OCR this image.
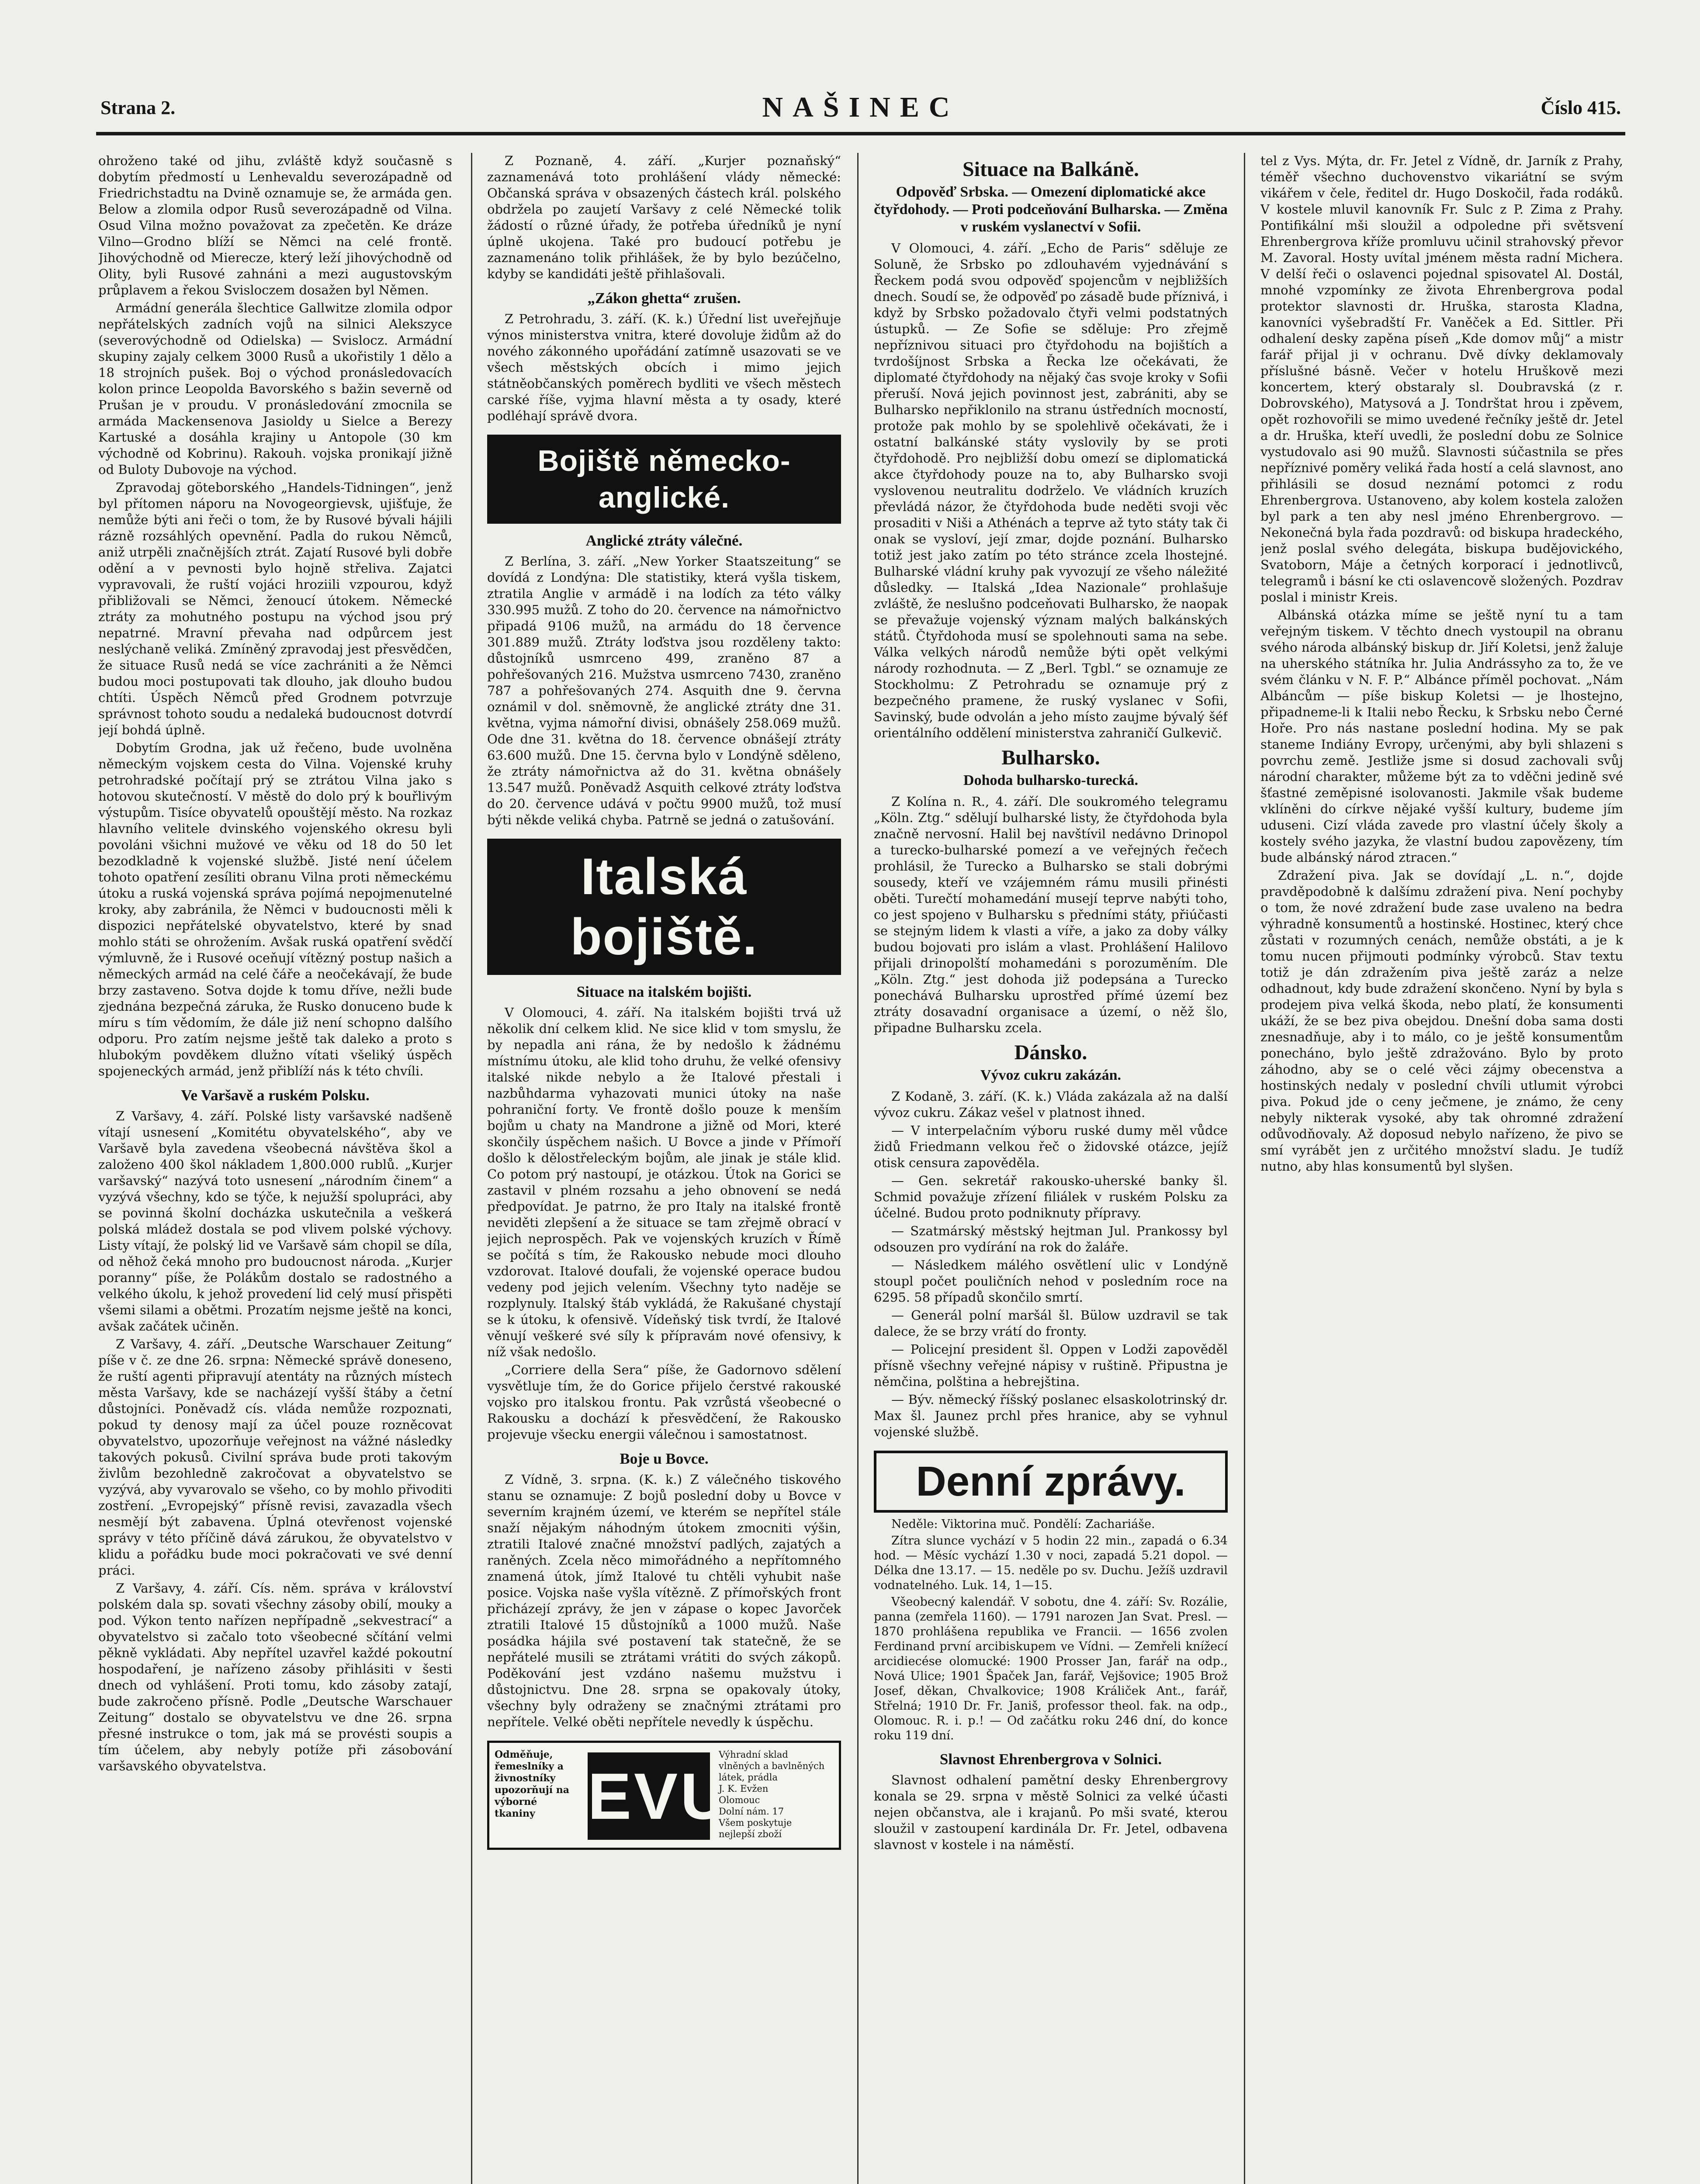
Strana 2.	NAŠINEC	Číslo 415.

ohroženo také od jihu, zvláště když současně s dobytím předmostí u Lenhevaldu severozápadně od Friedrichstadtu na Dvině oznamuje se, že armáda gen. Below a zlomila odpor Rusů severozápadně od Vilna. Osud Vilna možno považovat za zpečetěn. Ke dráze Vilno—Grodno blíží se Němci na celé frontě. Jihovýchodně od Mierecze, který leží jihovýchodně od Olity, byli Rusové zahnáni a mezi augustovským průplavem a řekou Svisloczem dosažen byl Němen.

Armádní generála šlechtice Gallwitze zlomila odpor nepřátelských zadních vojů na silnici Alekszyce (severovýchodně od Odielska) — Svislocz. Armádní skupiny zajaly celkem 3000 Rusů a ukořistily 1 dělo a 18 strojních pušek. Boj o východ pronásledovacích kolon prince Leopolda Bavorského s bažin severně od Prušan je v proudu. V pronásledování zmocnila se armáda Mackensenova Jasioldy u Sielce a Berezy Kartuské a dosáhla krajiny u Antopole (30 km východně od Kobrinu). Rakouh. vojska pronikají jižně od Buloty Dubovoje na východ.

Zpravodaj göteborského „Handels-Tidningen“, jenž byl přítomen náporu na Novogeorgievsk, ujišťuje, že nemůže býti ani řeči o tom, že by Rusové bývali hájili rázně rozsáhlých opevnění. Padla do rukou Němců, aniž utrpěli značnějších ztrát. Zajatí Rusové byli dobře odění a v pevnosti bylo hojně střeliva. Zajatci vypravovali, že ruští vojáci hroziili vzpourou, když přibližovali se Němci, ženoucí útokem. Německé ztráty za mohutného postupu na východ jsou prý nepatrné. Mravní převaha nad odpůrcem jest neslýchaně veliká. Zmíněný zpravodaj jest přesvědčen, že situace Rusů nedá se více zachrániti a že Němci budou moci postupovati tak dlouho, jak dlouho budou chtíti. Úspěch Němců před Grodnem potvrzuje správnost tohoto soudu a nedaleká budoucnost dotvrdí její bohdá úplně.

Dobytím Grodna, jak už řečeno, bude uvolněna německým vojskem cesta do Vilna. Vojenské kruhy petrohradské počítají prý se ztrátou Vilna jako s hotovou skutečností. V městě do dolo prý k bouřlivým výstupům. Tisíce obyvatelů opouštějí město. Na rozkaz hlavního velitele dvinského vojenského okresu byli povoláni všichni mužové ve věku od 18 do 50 let bezodkladně k vojenské službě. Jisté není účelem tohoto opatření zesíliti obranu Vilna proti německému útoku a ruská vojenská správa pojímá nepojmenutelné kroky, aby zabránila, že Němci v budoucnosti měli k dispozici nepřátelské obyvatelstvo, které by snad mohlo státi se ohrožením. Avšak ruská opatření svědčí výmluvně, že i Rusové oceňují vítězný postup našich a německých armád na celé čáře a neočekávají, že bude brzy zastaveno. Sotva dojde k tomu dříve, nežli bude zjednána bezpečná záruka, že Rusko donuceno bude k míru s tím vědomím, že dále již není schopno dalšího odporu. Pro zatím nejsme ještě tak daleko a proto s hlubokým povděkem dlužno vítati všeliký úspěch spojeneckých armád, jenž přiblíží nás k této chvíli.

Ve Varšavě a ruském Polsku.

Z Varšavy, 4. září. Polské listy varšavské nadšeně vítají usnesení „Komitétu obyvatelského“, aby ve Varšavě byla zavedena všeobecná návštěva škol a založeno 400 škol nákladem 1,800.000 rublů. „Kurjer varšavský“ nazývá toto usnesení „národním činem“ a vyzývá všechny, kdo se týče, k nejužší spolupráci, aby se povinná školní docházka uskutečnila a veškerá polská mládež dostala se pod vlivem polské výchovy. Listy vítají, že polský lid ve Varšavě sám chopil se díla, od něhož čeká mnoho pro budoucnost národa. „Kurjer poranny“ píše, že Polákům dostalo se radostného a velkého úkolu, k jehož provedení lid celý musí přispěti všemi silami a obětmi. Prozatím nejsme ještě na konci, avšak začátek učiněn.

Z Varšavy, 4. září. „Deutsche Warschauer Zeitung“ píše v č. ze dne 26. srpna: Německé správě doneseno, že ruští agenti připravují atentáty na různých místech města Varšavy, kde se nacházejí vyšší štáby a četní důstojníci. Poněvadž cís. vláda nemůže rozpoznati, pokud ty denosy mají za účel pouze rozněcovat obyvatelstvo, upozorňuje veřejnost na vážné následky takových pokusů. Civilní správa bude proti takovým živlům bezohledně zakročovat a obyvatelstvo se vyzývá, aby vyvarovalo se všeho, co by mohlo přivoditi zostření. „Evropejský“ přísně revisi, zavazadla všech nesmějí být zabavena. Úplná otevřenost vojenské správy v této příčině dává zárukou, že obyvatelstvo v klidu a pořádku bude moci pokračovati ve své denní práci.

Z Varšavy, 4. září. Cís. něm. správa v království polském dala sp. sovati všechny zásoby obilí, mouky a pod. Výkon tento nařízen nepřípadně „sekvestrací“ a obyvatelstvo si začalo toto všeobecné sčítání velmi pěkně vykládati. Aby nepřítel uzavřel každé pokoutní hospodaření, je nařízeno zásoby přihlásiti v šesti dnech od vyhlášení. Proti tomu, kdo zásoby zatají, bude zakročeno přísně. Podle „Deutsche Warschauer Zeitung“ dostalo se obyvatelstvu ve dne 26. srpna přesné instrukce o tom, jak má se provésti soupis a tím účelem, aby nebyly potíže při zásobování varšavského obyvatelstva.

Z Poznaně, 4. září. „Kurjer poznaňský“ zaznamenává toto prohlášení vlády německé: Občanská správa v obsazených částech král. polského obdržela po zaujetí Varšavy z celé Německé tolik žádostí o různé úřady, že potřeba úředníků je nyní úplně ukojena. Také pro budoucí potřebu je zaznamenáno tolik přihlášek, že by bylo bezúčelno, kdyby se kandidáti ještě přihlašovali.

„Zákon ghetta“ zrušen.

Z Petrohradu, 3. září. (K. k.) Úřední list uveřejňuje výnos ministerstva vnitra, které dovoluje židům až do nového zákonného upořádání zatímně usazovati se ve všech městských obcích i mimo jejich státněobčanských poměrech bydliti ve všech městech carské říše, vyjma hlavní města a ty osady, které podléhají správě dvora.

Bojiště německo-anglické.
Anglické ztráty válečné.

Z Berlína, 3. září. „New Yorker Staatszeitung“ se dovídá z Londýna: Dle statistiky, která vyšla tiskem, ztratila Anglie v armádě i na lodích za této války 330.995 mužů. Z toho do 20. července na námořnictvo připadá 9106 mužů, na armádu do 18 července 301.889 mužů. Ztráty loďstva jsou rozděleny takto: důstojníků usmrceno 499, zraněno 87 a pohřešovaných 216. Mužstva usmrceno 7430, zraněno 787 a pohřešovaných 274. Asquith dne 9. června oznámil v dol. sněmovně, že anglické ztráty dne 31. května, vyjma námořní divisi, obnášely 258.069 mužů. Ode dne 31. května do 18. července obnášejí ztráty 63.600 mužů. Dne 15. června bylo v Londýně sděleno, že ztráty námořnictva až do 31. května obnášely 13.547 mužů. Poněvadž Asquith celkové ztráty loďstva do 20. července udává v počtu 9900 mužů, tož musí býti někde veliká chyba. Patrně se jedná o zatušování.

Italská bojiště.
Situace na italském bojišti.

V Olomouci, 4. září. Na italském bojišti trvá už několik dní celkem klid. Ne sice klid v tom smyslu, že by nepadla ani rána, že by nedošlo k žádnému místnímu útoku, ale klid toho druhu, že velké ofensivy italské nikde nebylo a že Italové přestali i nazbůhdarma vyhazovati munici útoky na naše pohraniční forty. Ve frontě došlo pouze k menším bojům u chaty na Mandrone a jižně od Mori, které skončily úspěchem našich. U Bovce a jinde v Přímoří došlo k dělostřeleckým bojům, ale jinak je stále klid. Co potom prý nastoupí, je otázkou. Útok na Gorici se zastavil v plném rozsahu a jeho obnovení se nedá předpovídat. Je patrno, že pro Italy na italské frontě neviděti zlepšení a že situace se tam zřejmě obrací v jejich neprospěch. Pak ve vojenských kruzích v Římě se počítá s tím, že Rakousko nebude moci dlouho vzdorovat. Italové doufali, že vojenské operace budou vedeny pod jejich velením. Všechny tyto naděje se rozplynuly. Italský štáb vykládá, že Rakušané chystají se k útoku, k ofensivě. Vídeňský tisk tvrdí, že Italové věnují veškeré své síly k přípravám nové ofensivy, k níž však nedošlo.

„Corriere della Sera“ píše, že Gadornovo sdělení vysvětluje tím, že do Gorice přijelo čerstvé rakouské vojsko pro italskou frontu. Pak vzrůstá všeobecné o Rakousku a dochází k přesvědčení, že Rakousko projevuje všecku energii válečnou i samostatnost.

Boje u Bovce.

Z Vídně, 3. srpna. (K. k.) Z válečného tiskového stanu se oznamuje: Z bojů poslední doby u Bovce v severním krajném území, ve kterém se nepřítel stále snaží nějakým náhodným útokem zmocniti výšin, ztratili Italové značné množství padlých, zajatých a raněných. Zcela něco mimořádného a nepřítomného znamená útok, jímž Italové tu chtěli vyhubit naše posice. Vojska naše vyšla vítězně. Z přímořských front přicházejí zprávy, že jen v zápase o kopec Javorček ztratili Italové 15 důstojníků a 1000 mužů. Naše posádka hájila své postavení tak statečně, že se nepřátelé musili se ztrátami vrátiti do svých zákopů. Poděkování jest vzdáno našemu mužstvu i důstojnictvu. Dne 28. srpna se opakovaly útoky, všechny byly odraženy se značnými ztrátami pro nepřítele. Velké oběti nepřítele nevedly k úspěchu.

Odměňuje, řemeslníky a živnostníky upozorňují na výborné tkaniny EVU
Výhradní sklad
vlněných a bavlněných
látek, prádla
J. K. Evžen
Olomouc
Dolní nám. 17
Všem poskytuje
nejlepší zboží
Situace na Balkáně.
Odpověď Srbska. — Omezení diplomatické akce čtyřdohody. — Proti podceňování Bulharska. — Změna v ruském vyslanectví v Sofii.

V Olomouci, 4. září. „Echo de Paris“ sděluje ze Soluně, že Srbsko po zdlouhavém vyjednávání s Řeckem podá svou odpověď spojencům v nejbližších dnech. Soudí se, že odpověď po zásadě bude příznivá, i když by Srbsko požadovalo čtyři velmi podstatných ústupků. — Ze Sofie se sděluje: Pro zřejmě nepříznivou situaci pro čtyřdohodu na bojištích a tvrdošíjnost Srbska a Řecka lze očekávati, že diplomaté čtyřdohody na nějaký čas svoje kroky v Sofii přeruší. Nová jejich povinnost jest, zabrániti, aby se Bulharsko nepřiklonilo na stranu ústředních mocností, protože pak mohlo by se spolehlivě očekávati, že i ostatní balkánské státy vyslovily by se proti čtyřdohodě. Pro nejbližší dobu omezí se diplomatická akce čtyřdohody pouze na to, aby Bulharsko svoji vyslovenou neutralitu dodrželo. Ve vládních kruzích převládá názor, že čtyřdohoda bude neděti svoji věc prosaditi v Niši a Athénách a teprve až tyto státy tak či onak se vysloví, její zmar, dojde poznání. Bulharsko totiž jest jako zatím po této stránce zcela lhostejné. Bulharské vládní kruhy pak vyvozují ze všeho náležité důsledky. — Italská „Idea Nazionale“ prohlašuje zvláště, že neslušno podceňovati Bulharsko, že naopak se převažuje vojenský význam malých balkánských států. Čtyřdohoda musí se spolehnouti sama na sebe. Válka velkých národů nemůže býti opět velkými národy rozhodnuta. — Z „Berl. Tgbl.“ se oznamuje ze Stockholmu: Z Petrohradu se oznamuje prý z bezpečného pramene, že ruský vyslanec v Sofii, Savinský, bude odvolán a jeho místo zaujme bývalý šéf orientálního oddělení ministerstva zahraničí Gulkevič.

Bulharsko.
Dohoda bulharsko-turecká.

Z Kolína n. R., 4. září. Dle soukromého telegramu „Köln. Ztg.“ sdělují bulharské listy, že čtyřdohoda byla značně nervosní. Halil bej navštívil nedávno Drinopol a turecko-bulharské pomezí a ve veřejných řečech prohlásil, že Turecko a Bulharsko se stali dobrými sousedy, kteří ve vzájemném rámu musili přinésti oběti. Turečtí mohamedání musejí teprve nabýti toho, co jest spojeno v Bulharsku s předními státy, přiúčasti se stejným lidem k vlasti a víře, a jako za doby války budou bojovati pro islám a vlast. Prohlášení Halilovo přijali drinopolští mohamedáni s porozuměním. Dle „Köln. Ztg.“ jest dohoda již podepsána a Turecko ponechává Bulharsku uprostřed přímé území bez ztráty dosavadní organisace a území, o něž šlo, připadne Bulharsku zcela.

Dánsko.
Vývoz cukru zakázán.

Z Kodaně, 3. září. (K. k.) Vláda zakázala až na další vývoz cukru. Zákaz vešel v platnost ihned.

— V interpelačním výboru ruské dumy měl vůdce židů Friedmann velkou řeč o židovské otázce, jejíž otisk censura zapověděla.

— Gen. sekretář rakousko-uherské banky šl. Schmid považuje zřízení filiálek v ruském Polsku za účelné. Budou proto podniknuty přípravy.

— Szatmárský městský hejtman Jul. Prankossy byl odsouzen pro vydírání na rok do žaláře.

— Následkem málého osvětlení ulic v Londýně stoupl počet pouličních nehod v posledním roce na 6295. 58 případů skončilo smrtí.

— Generál polní maršál šl. Bülow uzdravil se tak dalece, že se brzy vrátí do fronty.

— Policejní president šl. Oppen v Lodži zapověděl přísně všechny veřejné nápisy v ruštině. Připustna je němčina, polština a hebrejština.

— Býv. německý říšský poslanec elsaskolotrinský dr. Max šl. Jaunez prchl přes hranice, aby se vyhnul vojenské službě.

Denní zprávy.

Neděle: Viktorina muč. Pondělí: Zachariáše.

Zítra slunce vychází v 5 hodin 22 min., zapadá o 6.34 hod. — Měsíc vychází 1.30 v noci, zapadá 5.21 dopol. — Délka dne 13.17. — 15. neděle po sv. Duchu. Ježíš uzdravil vodnatelného. Luk. 14, 1—15.

Všeobecný kalendář. V sobotu, dne 4. září: Sv. Rozálie, panna (zemřela 1160). — 1791 narozen Jan Svat. Presl. — 1870 prohlášena republika ve Francii. — 1656 zvolen Ferdinand první arcibiskupem ve Vídni. — Zemřeli knížecí arcidiecése olomucké: 1900 Prosser Jan, farář na odp., Nová Ulice; 1901 Špaček Jan, farář, Vejšovice; 1905 Brož Josef, děkan, Chvalkovice; 1908 Králiček Ant., farář, Střelná; 1910 Dr. Fr. Janiš, professor theol. fak. na odp., Olomouc. R. i. p.! — Od začátku roku 246 dní, do konce roku 119 dní.

Slavnost Ehrenbergrova v Solnici.

Slavnost odhalení pamětní desky Ehrenbergrovy konala se 29. srpna v městě Solnici za velké účasti nejen občanstva, ale i krajanů. Po mši svaté, kterou sloužil v zastoupení kardinála Dr. Fr. Jetel, odbavena slavnost v kostele i na náměstí.

tel z Vys. Mýta, dr. Fr. Jetel z Vídně, dr. Jarník z Prahy, téměř všechno duchovenstvo vikariátní se svým vikářem v čele, ředitel dr. Hugo Doskočil, řada rodáků. V kostele mluvil kanovník Fr. Sulc z P. Zima z Prahy. Pontifikální mši sloužil a odpoledne při světsvení Ehrenbergrova kříže promluvu učinil strahovský převor M. Zavoral. Hosty uvítal jménem města radní Michera. V delší řeči o oslavenci pojednal spisovatel Al. Dostál, mnohé vzpomínky ze života Ehrenbergrova podal protektor slavnosti dr. Hruška, starosta Kladna, kanovníci vyšebradští Fr. Vaněček a Ed. Sittler. Při odhalení desky zapěna píseň „Kde domov můj“ a mistr farář přijal ji v ochranu. Dvě dívky deklamovaly příslušné básně. Večer v hotelu Hruškově mezi koncertem, který obstaraly sl. Doubravská (z r. Dobrovského), Matysová a J. Tondrštat hrou i zpěvem, opět rozhovořili se mimo uvedené řečníky ještě dr. Jetel a dr. Hruška, kteří uvedli, že poslední dobu ze Solnice vystudovalo asi 90 mužů. Slavnosti súčastnila se přes nepříznivé poměry veliká řada hostí a celá slavnost, ano přihlásili se dosud neznámí potomci z rodu Ehrenbergrova. Ustanoveno, aby kolem kostela založen byl park a ten aby nesl jméno Ehrenbergrovo. — Nekonečná byla řada pozdravů: od biskupa hradeckého, jenž poslal svého delegáta, biskupa budějovického, Svatoborn, Máje a četných korporací i jednotlivců, telegramů i básní ke cti oslavencově složených. Pozdrav poslal i ministr Kreis.

Albánská otázka míme se ještě nyní tu a tam veřejným tiskem. V těchto dnech vystoupil na obranu svého národa albánský biskup dr. Jiří Koletsi, jenž žaluje na uherského státníka hr. Julia Andrássyho za to, že ve svém článku v N. F. P.“ Albánce příměl pochovat. „Nám Albáncům — píše biskup Koletsi — je lhostejno, připadneme-li k Italii nebo Řecku, k Srbsku nebo Černé Hoře. Pro nás nastane poslední hodina. My se pak staneme Indiány Evropy, určenými, aby byli shlazeni s povrchu země. Jestliže jsme si dosud zachovali svůj národní charakter, můžeme být za to vděčni jedině své šťastné zeměpisné isolovanosti. Jakmile však budeme vklíněni do církve nějaké vyšší kultury, budeme jím uduseni. Cizí vláda zavede pro vlastní účely školy a kostely svého jazyka, že vlastní budou zapovězeny, tím bude albánský národ ztracen.“

Zdražení piva. Jak se dovídají „L. n.“, dojde pravděpodobně k dalšímu zdražení piva. Není pochyby o tom, že nové zdražení bude zase uvaleno na bedra výhradně konsumentů a hostinské. Hostinec, který chce zůstati v rozumných cenách, nemůže obstáti, a je k tomu nucen přijmouti podmínky výrobců. Stav textu totiž je dán zdražením piva ještě zaráz a nelze odhadnout, kdy bude zdražení skončeno. Nyní by byla s prodejem piva velká škoda, nebo platí, že konsumenti ukáží, že se bez piva obejdou. Dnešní doba sama dosti znesnadňuje, aby i to málo, co je ještě konsumentům ponecháno, bylo ještě zdražováno. Bylo by proto záhodno, aby se o celé věci zájmy obecenstva a hostinských nedaly v poslední chvíli utlumit výrobci piva. Pokud jde o ceny ječmene, je známo, že ceny nebyly nikterak vysoké, aby tak ohromné zdražení odůvodňovaly. Až doposud nebylo nařízeno, že pivo se smí vyrábět jen z určitého množství sladu. Je tudíž nutno, aby hlas konsumentů byl slyšen.
